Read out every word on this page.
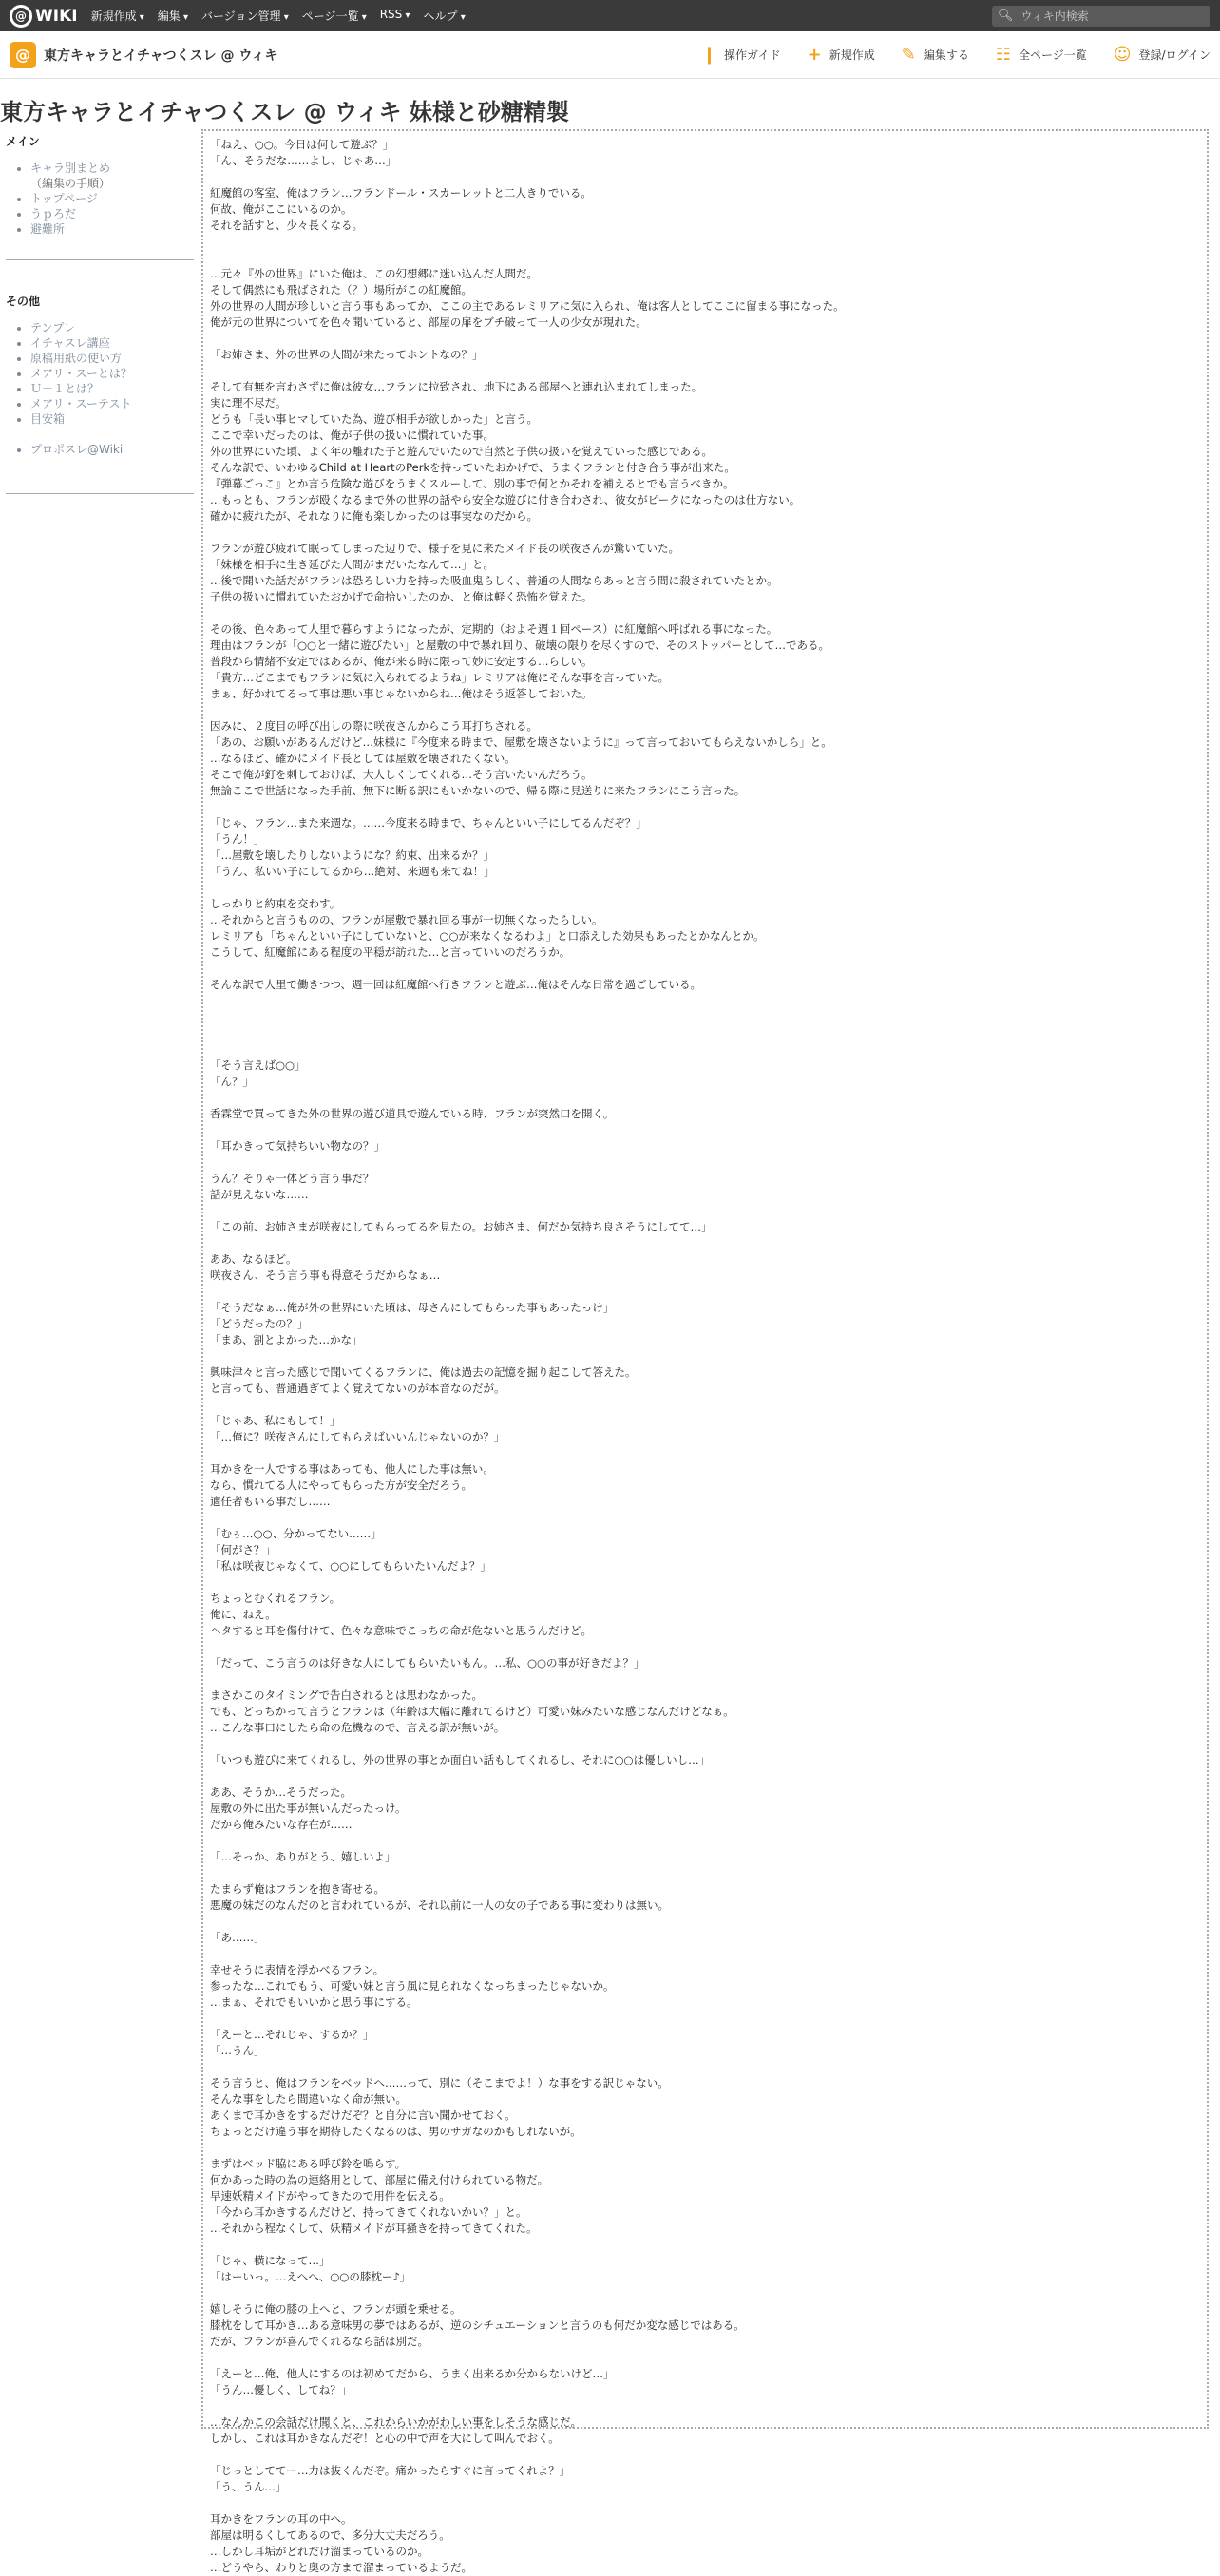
@ WIKI 新規作成 ▾	編集 ▾	バージョン管理 ▾	ページ一覧 ▾	RSS ▾	ヘルプ ▾	🔍︎
ウィキ内検索
@	東方キャラとイチャつくスレ @ ウィキ	❙ 操作ガイド + 新規作成 ✎ 編集する ☷ 全ページ一覧 ☺ 登録/ログイン
東方キャラとイチャつくスレ @ ウィキ 妹様と砂糖精製
メイン
• キャラ別まとめ
（編集の手順）
• トップページ
• うｐろだ
• 避難所
その他
• テンプレ
• イチャスレ講座
• 原稿用紙の使い方
• メアリ・スーとは？
• Ｕ－１とは？
• メアリ・スーテスト
• 目安箱
• プロポスレ@Wiki
「ねえ、○○。今日は何して遊ぶ？」
「ん、そうだな……よし、じゃあ…」
紅魔館の客室、俺はフラン…フランドール・スカーレットと二人きりでいる。
何故、俺がここにいるのか。
それを話すと、少々長くなる。

…元々『外の世界』にいた俺は、この幻想郷に迷い込んだ人間だ。
そして偶然にも飛ばされた（？）場所がこの紅魔館。
外の世界の人間が珍しいと言う事もあってか、ここの主であるレミリアに気に入られ、俺は客人としてここに留まる事になった。
俺が元の世界についてを色々聞いていると、部屋の扉をブチ破って一人の少女が現れた。
「お姉さま、外の世界の人間が来たってホントなの？」
そして有無を言わさずに俺は彼女…フランに拉致され、地下にある部屋へと連れ込まれてしまった。
実に理不尽だ。
どうも「長い事ヒマしていた為、遊び相手が欲しかった」と言う。
ここで幸いだったのは、俺が子供の扱いに慣れていた事。
外の世界にいた頃、よく年の離れた子と遊んでいたので自然と子供の扱いを覚えていった感じである。
そんな訳で、いわゆるChild at HeartのPerkを持っていたおかげで、うまくフランと付き合う事が出来た。
『弾幕ごっこ』とか言う危険な遊びをうまくスルーして、別の事で何とかそれを補えるとでも言うべきか。
…もっとも、フランが殴くなるまで外の世界の話やら安全な遊びに付き合わされ、彼女がピークになったのは仕方ない。
確かに疲れたが、それなりに俺も楽しかったのは事実なのだから。
フランが遊び疲れて眠ってしまった辺りで、様子を見に来たメイド長の咲夜さんが驚いていた。
「妹様を相手に生き延びた人間がまだいたなんて…」と。
…後で聞いた話だがフランは恐ろしい力を持った吸血鬼らしく、普通の人間ならあっと言う間に殺されていたとか。
子供の扱いに慣れていたおかげで命拾いしたのか、と俺は軽く恐怖を覚えた。
その後、色々あって人里で暮らすようになったが、定期的（およそ週１回ペース）に紅魔館へ呼ばれる事になった。
理由はフランが「○○と一緒に遊びたい」と屋敷の中で暴れ回り、破壊の限りを尽くすので、そのストッパーとして…である。
普段から情緒不安定ではあるが、俺が来る時に限って妙に安定する…らしい。
「貴方…どこまでもフランに気に入られてるようね」レミリアは俺にそんな事を言っていた。
まぁ、好かれてるって事は悪い事じゃないからね…俺はそう返答しておいた。
因みに、２度目の呼び出しの際に咲夜さんからこう耳打ちされる。
「あの、お願いがあるんだけど…妹様に『今度来る時まで、屋敷を壊さないように』って言っておいてもらえないかしら」と。
…なるほど、確かにメイド長としては屋敷を壊されたくない。
そこで俺が釘を刺しておけば、大人しくしてくれる…そう言いたいんだろう。
無論ここで世話になった手前、無下に断る訳にもいかないので、帰る際に見送りに来たフランにこう言った。
「じゃ、フラン…また来週な。……今度来る時まで、ちゃんといい子にしてるんだぞ？」
「うん！」
「…屋敷を壊したりしないようにな？約束、出来るか？」
「うん、私いい子にしてるから…絶対、来週も来てね！」
しっかりと約束を交わす。
…それからと言うものの、フランが屋敷で暴れ回る事が一切無くなったらしい。
レミリアも「ちゃんといい子にしていないと、○○が来なくなるわよ」と口添えした効果もあったとかなんとか。
こうして、紅魔館にある程度の平穏が訪れた…と言っていいのだろうか。
そんな訳で人里で働きつつ、週一回は紅魔館へ行きフランと遊ぶ…俺はそんな日常を過ごしている。

「そう言えば○○」
「ん？」
香霖堂で買ってきた外の世界の遊び道具で遊んでいる時、フランが突然口を開く。
「耳かきって気持ちいい物なの？」
うん？そりゃ一体どう言う事だ？
話が見えないな……
「この前、お姉さまが咲夜にしてもらってるを見たの。お姉さま、何だか気持ち良さそうにしてて…」
ああ、なるほど。
咲夜さん、そう言う事も得意そうだからなぁ…
「そうだなぁ…俺が外の世界にいた頃は、母さんにしてもらった事もあったっけ」
「どうだったの？」
「まあ、割とよかった…かな」
興味津々と言った感じで聞いてくるフランに、俺は過去の記憶を掘り起こして答えた。
と言っても、普通過ぎてよく覚えてないのが本音なのだが。
「じゃあ、私にもして！」
「…俺に？咲夜さんにしてもらえばいいんじゃないのか？」
耳かきを一人でする事はあっても、他人にした事は無い。
なら、慣れてる人にやってもらった方が安全だろう。
適任者もいる事だし……
「むぅ…○○、分かってない……」
「何がさ？」
「私は咲夜じゃなくて、○○にしてもらいたいんだよ？」
ちょっとむくれるフラン。
俺に、ねえ。
ヘタすると耳を傷付けて、色々な意味でこっちの命が危ないと思うんだけど。
「だって、こう言うのは好きな人にしてもらいたいもん。…私、○○の事が好きだよ？」
まさかこのタイミングで告白されるとは思わなかった。
でも、どっちかって言うとフランは（年齢は大幅に離れてるけど）可愛い妹みたいな感じなんだけどなぁ。
…こんな事口にしたら命の危機なので、言える訳が無いが。
「いつも遊びに来てくれるし、外の世界の事とか面白い話もしてくれるし、それに○○は優しいし…」
ああ、そうか…そうだった。
屋敷の外に出た事が無いんだったっけ。
だから俺みたいな存在が……
「…そっか、ありがとう、嬉しいよ」
たまらず俺はフランを抱き寄せる。
悪魔の妹だのなんだのと言われているが、それ以前に一人の女の子である事に変わりは無い。
「あ……」
幸せそうに表情を浮かべるフラン。
参ったな…これでもう、可愛い妹と言う風に見られなくなっちまったじゃないか。
…まぁ、それでもいいかと思う事にする。
「えーと…それじゃ、するか？」
「…うん」
そう言うと、俺はフランをベッドへ……って、別に（そこまでよ！）な事をする訳じゃない。
そんな事をしたら間違いなく命が無い。
あくまで耳かきをするだけだぞ？と自分に言い聞かせておく。
ちょっとだけ違う事を期待したくなるのは、男のサガなのかもしれないが。
まずはベッド脇にある呼び鈴を鳴らす。
何かあった時の為の連絡用として、部屋に備え付けられている物だ。
早速妖精メイドがやってきたので用件を伝える。
「今から耳かきするんだけど、持ってきてくれないかい？」と。
…それから程なくして、妖精メイドが耳掻きを持ってきてくれた。
「じゃ、横になって…」
「はーいっ。…えへへ、○○の膝枕ー♪」
嬉しそうに俺の膝の上へと、フランが頭を乗せる。
膝枕をして耳かき…ある意味男の夢ではあるが、逆のシチュエーションと言うのも何だか変な感じではある。
だが、フランが喜んでくれるなら話は別だ。
「えーと…俺、他人にするのは初めてだから、うまく出来るか分からないけど…」
「うん…優しく、してね？」
…なんかこの会話だけ聞くと、これからいかがわしい事をしそうな感じだ。
しかし、これは耳かきなんだぞ！と心の中で声を大にして叫んでおく。
「じっとしててー…力は抜くんだぞ。痛かったらすぐに言ってくれよ？」
「う、うん…」
耳かきをフランの耳の中へ。
部屋は明るくしてあるので、多分大丈夫だろう。
…しかし耳垢がどれだけ溜まっているのか。
…どうやら、わりと奥の方まで溜まっているようだ。
